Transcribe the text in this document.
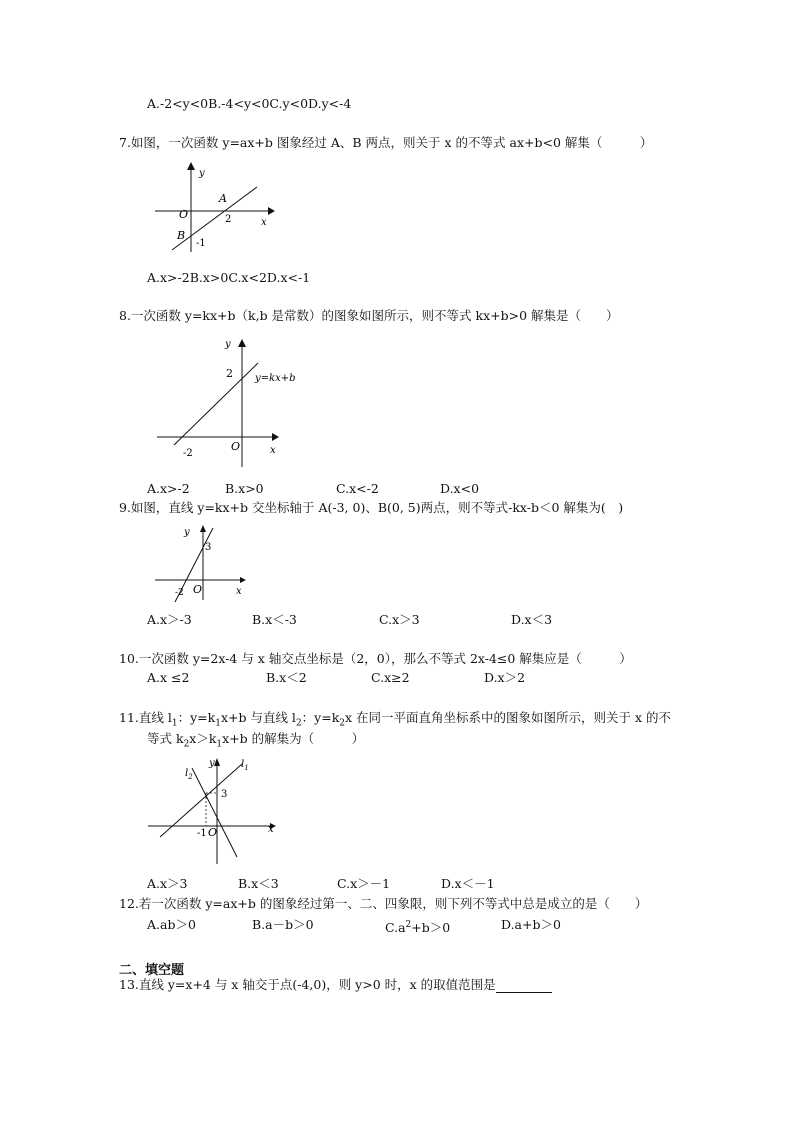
A.-2<y<0B.-4<y<0C.y<0D.y<-4
7.如图，一次函数 y=ax+b 图象经过 A、B 两点，则关于 x 的不等式 ax+b<0 解集（　　　）
y
x
O
A
B
2
-1
A.x>-2B.x>0C.x<2D.x<-1
8.一次函数 y=kx+b（k,b 是常数）的图象如图所示，则不等式 kx+b>0 解集是（　　）
y
x
O
2
-2
y=kx+b
A.x>-2	B.x>0	C.x<-2	D.x<0
9.如图，直线 y=kx+b 交坐标轴于 A(-3, 0)、B(0, 5)两点，则不等式-kx-b＜0 解集为(　)
y
x
O
3
-2
A.x＞-3	B.x＜-3	C.x＞3	D.x＜3
10.一次函数 y=2x-4 与 x 轴交点坐标是（2，0），那么不等式 2x-4≤0 解集应是（　　　）
A.x ≤2	B.x＜2	C.x≥2	D.x＞2
11.直线 $l_1$：$y=k_1x+b$ 与直线 $l_2$：$y=k_2x$ 在同一平面直角坐标系中的图象如图所示，则关于 x 的不
等式 $k_2x>k_1x+b$ 的解集为（　　　）
y
x
O
3
-1
$l_1$
$l_2$
A.x＞3	B.x＜3	C.x＞－1	D.x＜－1
12.若一次函数 y=ax+b 的图象经过第一、二、四象限，则下列不等式中总是成立的是（　　）
A.ab＞0	B.a－b＞0	$C.a^2+b>0$	D.a+b＞0
二、填空题
13.直线 y=x+4 与 x 轴交于点(-4,0)，则 y>0 时，x 的取值范围是
